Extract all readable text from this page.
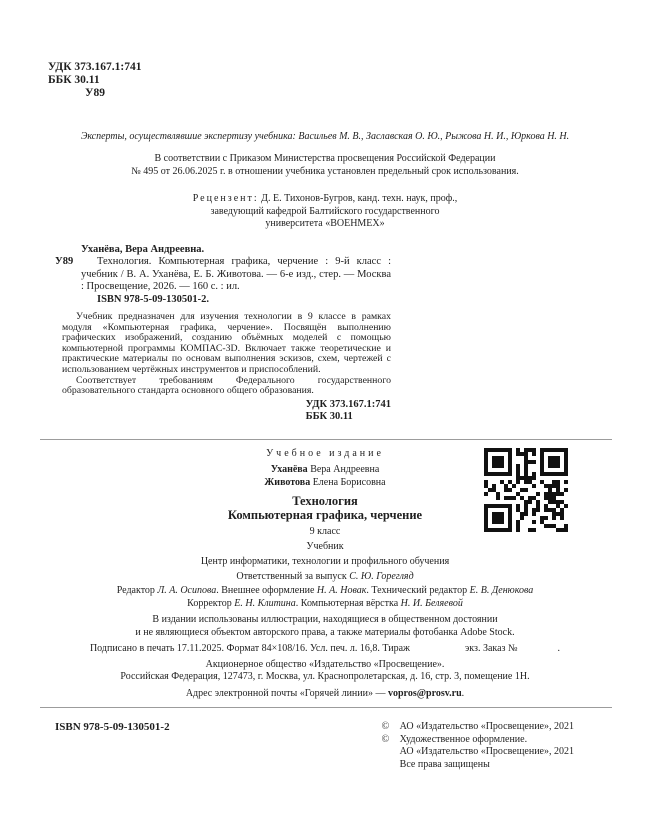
УДК 373.167.1:741
ББК 30.11
У89
Эксперты, осуществлявшие экспертизу учебника: Васильев М. В., Заславская О. Ю., Рыжова Н. И., Юркова Н. Н.
В соответствии с Приказом Министерства просвещения Российской Федерации
№ 495 от 26.06.2025 г. в отношении учебника установлен предельный срок использования.
Рецензент: Д. Е. Тихонов-Бугров, канд. техн. наук, проф.,
заведующий кафедрой Балтийского государственного
университета «ВОЕНМЕХ»
Уханёва, Вера Андреевна.
У89 Технология. Компьютерная графика, черчение : 9-й класс : учебник / В. А. Уханёва, Е. Б. Животова. — 6-е изд., стер. — Москва : Просвещение, 2026. — 160 с. : ил.
ISBN 978-5-09-130501-2.
Учебник предназначен для изучения технологии в 9 классе в рамках модуля «Компьютерная графика, черчение». Посвящён выполнению графических изображений, созданию объёмных моделей с помощью компьютерной программы КОМПАС-3D. Включает также теоретические и практические материалы по основам выполнения эскизов, схем, чертежей с использованием чертёжных инструментов и приспособлений.
Соответствует требованиям Федерального государственного образовательного стандарта основного общего образования.
УДК 373.167.1:741
ББК 30.11
Учебное издание
Уханёва Вера Андреевна
Животова Елена Борисовна
Технология
Компьютерная графика, черчение
9 класс
Учебник
Центр информатики, технологии и профильного обучения
Ответственный за выпуск С. Ю. Горегляд
Редактор Л. А. Осипова. Внешнее оформление Н. А. Новак. Технический редактор Е. В. Денюкова
Корректор Е. Н. Клитина. Компьютерная вёрстка Н. И. Беляевой
В издании использованы иллюстрации, находящиеся в общественном достоянии
и не являющиеся объектом авторского права, а также материалы фотобанка Adobe Stock.
Подписано в печать 17.11.2025. Формат 84×108/16. Усл. печ. л. 16,8. Тираж	экз. Заказ №	.
Акционерное общество «Издательство «Просвещение».
Российская Федерация, 127473, г. Москва, ул. Краснопролетарская, д. 16, стр. 3, помещение 1Н.
Адрес электронной почты «Горячей линии» — vopros@prosv.ru.
ISBN 978-5-09-130501-2	©	АО «Издательство «Просвещение», 2021
©	Художественное оформление.
АО «Издательство «Просвещение», 2021
Все права защищены
